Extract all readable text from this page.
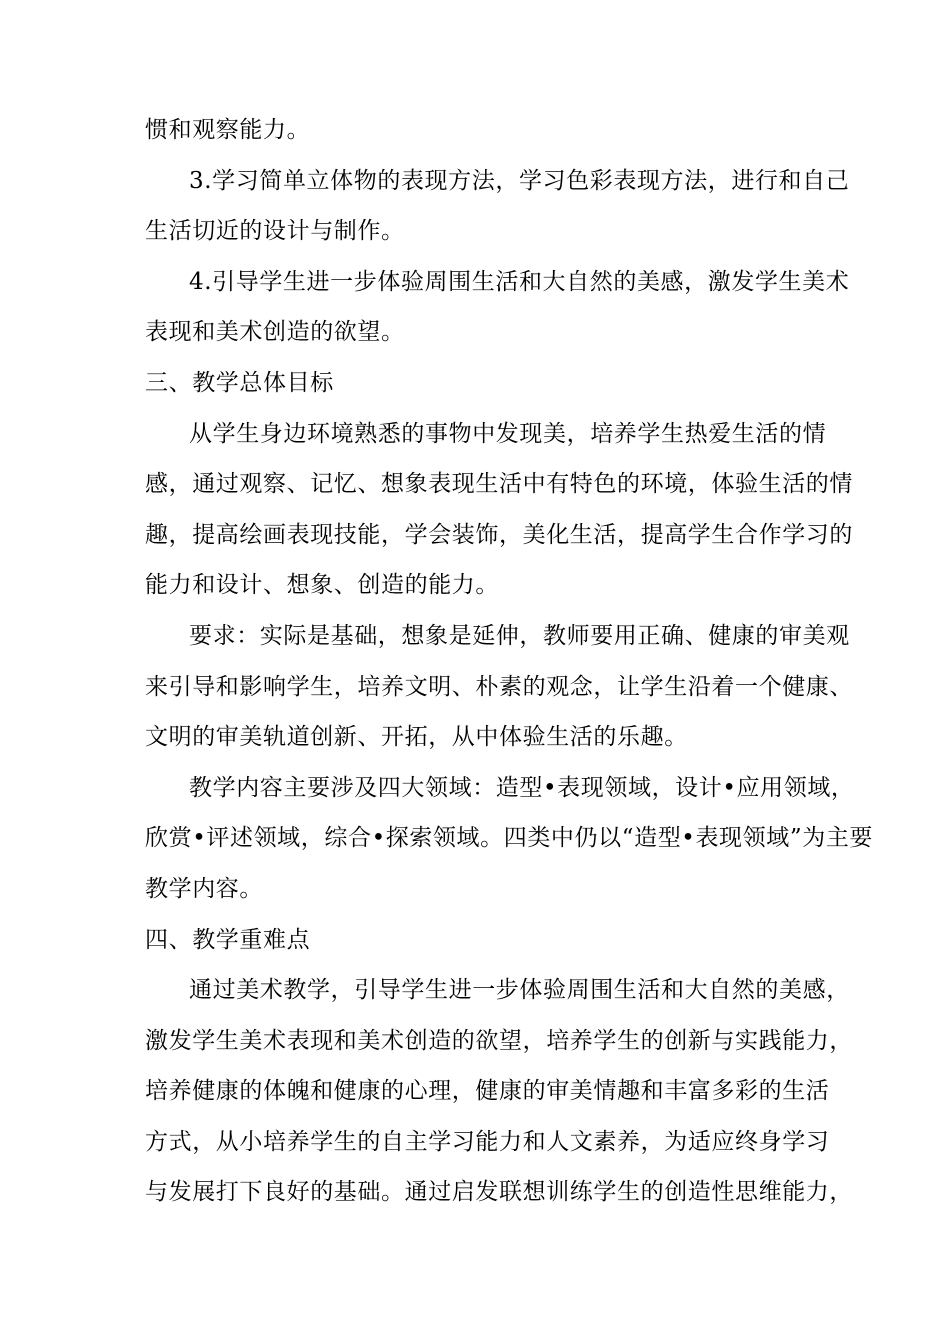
惯和观察能力。
3.学习简单立体物的表现方法，学习色彩表现方法，进行和自己
生活切近的设计与制作。
4.引导学生进一步体验周围生活和大自然的美感，激发学生美术
表现和美术创造的欲望。
三、教学总体目标
从学生身边环境熟悉的事物中发现美，培养学生热爱生活的情
感，通过观察、记忆、想象表现生活中有特色的环境，体验生活的情
趣，提高绘画表现技能，学会装饰，美化生活，提高学生合作学习的
能力和设计、想象、创造的能力。
要求：实际是基础，想象是延伸，教师要用正确、健康的审美观
来引导和影响学生，培养文明、朴素的观念，让学生沿着一个健康、
文明的审美轨道创新、开拓，从中体验生活的乐趣。
教学内容主要涉及四大领域：造型•表现领域，设计•应用领域，
欣赏•评述领域，综合•探索领域。四类中仍以“造型•表现领域”为主要
教学内容。
四、教学重难点
通过美术教学，引导学生进一步体验周围生活和大自然的美感，
激发学生美术表现和美术创造的欲望，培养学生的创新与实践能力，
培养健康的体魄和健康的心理，健康的审美情趣和丰富多彩的生活
方式，从小培养学生的自主学习能力和人文素养，为适应终身学习
与发展打下良好的基础。通过启发联想训练学生的创造性思维能力，
